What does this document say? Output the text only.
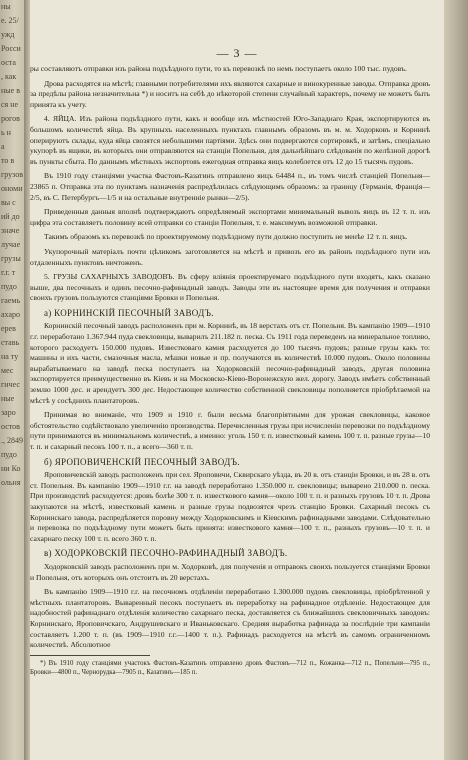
ны
е. 25/
ужд
Росси
оста
, как
ные в
ся не
рогов
ь н
а
то в
грузов
ономи
вы с
ий до
значе
лучае
грузы
г.г. т
пудо
гаемь
ахаро
ерев
ставь
на ту
мес
гичес
ные
заро
остов
., 2849
пудо
ни Ко
ольня
— 3 —

ры составляютъ отправки изъ района подъѣздного пути, то къ перевозкѣ по немъ поступаетъ около 100 тыс. пудовъ.

Дрова расходятся на мѣстѣ; главными потребителями ихъ являются сахарные и винокуренные заводы. Отправка дровъ за предѣлы района незначительна *) и носитъ на себѣ до нѣкоторой степени случайный характеръ, почему не можетъ быть принята къ учету.

4. ЯЙЦА. Изъ района подъѣздного пути, какъ и вообще изъ мѣстностей Юго-Западнаго Края, экспортируются въ большомъ количествѣ яйца. Въ крупныхъ населенныхъ пунктахъ главнымъ образомъ въ м. м. Ходорковъ и Корнинѣ оперируютъ склады, куда яйца свозятся небольшими партіями. Здѣсь они подвергаются сортировкѣ, и затѣмъ, спеціально укупорѣ въ ящики, въ которыхъ они отправляются на станціи Попельня, для дальнѣйшаго слѣдованія по желѣзной дорогѣ въ пункты сбыта. По даннымъ мѣстныхъ экспортовъ ежегодная отправка яицъ колеблется отъ 12 до 15 тысячъ пудовъ.

Въ 1910 году станціями участка Фастовъ-Казатинъ отправлено яицъ 64484 п., въ томъ числѣ станціей Попельня—23865 п. Отправка эта по пунктамъ назначенія распредѣлилась слѣдующимъ образомъ: за границу (Германія, Франція—2/5, въ С. Петербургъ—1/5 и на остальные внутренніе рынки—2/5).

Приведенныя данныя вполнѣ подтверждаютъ опредѣляемый экспортами минимальный вывозъ яицъ въ 12 т. п. изъ цифра эта составляетъ половину всей отправки со станціи Попельня, т. е. максимумъ возможной отправки.

Такимъ образомъ къ перевозкѣ по проектируемому подъѣздному пути должно поступить не менѣе 12 т. п. яицъ.

Укупорочный матеріалъ почти цѣликомъ заготовляется на мѣстѣ и привозъ его въ районъ подъѣздного пути изъ отдаленныхъ пунктовъ ничтоженъ.

5. ГРУЗЫ САХАРНЫХЪ ЗАВОДОВЪ. Въ сферу вліянія проектируемаго подъѣздного пути входятъ, какъ сказано выше, два песочныхъ и одинъ песочно-рафинадный заводъ. Заводы эти въ настоящее время для получения и отправки своихъ грузовъ пользуются станціями Бровки и Попельня.

а) КОРНИНСКІЙ ПЕСОЧНЫЙ ЗАВОДЪ.

Корнинскій песочный заводъ расположенъ при м. Корнинѣ, въ 18 верстахъ отъ ст. Попельня. Въ кампанію 1909—1910 г.г. переработано 1.367.944 пуда свекловицы, выварилъ 211.182 п. песка. Съ 1911 года переведенъ на минеральное топливо, которого расходуетъ 150.000 пудовъ. Известковаго камня расходуется до 100 тысячъ пудовъ; разные грузы какъ то: машины и ихъ части, смазочныя масла, мѣшки новые и пр. получаются въ количествѣ 10.000 пудовъ. Около половины вырабатываемаго на заводѣ песка поступаетъ на Ходорковскій песочно-рафинадный заводъ, другая половина экспортируется преимущественно въ Кіевъ и на Московско-Кіево-Воронежскую жел. дорогу. Заводъ имѣетъ собственный землю 1000 дес. и арендуетъ 300 дес. Недостающее количество собственной свекловицы пополняется пріобрѣтаемой на мѣстѣ у сосѣднихъ плантаторовъ.

Принимая во вниманіе, что 1909 и 1910 г. были весьма благопріятными для урожая свекловицы, каковое обстоятельство содѣйствовало увеличенію производства. Перечисленныя грузы при исчисленіи перевозки по подъѣздному пути принимаются въ минимальномъ количествѣ, а именно: уголь 150 т. п. известковый камень 100 т. п. разные грузы—10 т. п. и сахарный песокъ 100 т. п., а всего—360 т. п.

б) ЯРОПОВИЧЕНСКІЙ ПЕСОЧНЫЙ ЗАВОДЪ.

Яроповичевскій заводъ расположенъ при сел. Яроповичи, Сквирскаго уѣзда, въ 20 в. отъ станціи Бровки, и въ 28 в. отъ ст. Попельня. Въ кампанію 1909—1910 г.г. на заводѣ переработано 1.350.000 п. свекловицы; выварено 210.000 п. песка. При производствѣ расходуется: дровъ болѣе 300 т. п. известкового камня—около 100 т. п. и разныхъ грузовъ 10 т. п. Дрова закупаются на мѣстѣ, известковый камень и разные грузы подвозятся чрезъ станцію Бровки. Сахарный песокъ съ Корнинскаго завода, распредѣляется поровну между Ходорковскимъ и Кіевскимъ рафинадными заводами. Слѣдовательно и перевозка по подъѣздному пути можетъ быть принята: известкового камня—100 т. п., разныхъ грузовъ—10 т. п. и сахарнаго песку 100 т. п. всего 360 т. п.

в) ХОДОРКОВСКІЙ ПЕСОЧНО-РАФИНАДНЫЙ ЗАВОДЪ.

Ходорковскій заводъ расположенъ при м. Ходорковѣ, для полученія и отправокъ своихъ пользуется станціями Бровки и Попельня, отъ которыхъ онъ отстоитъ въ 20 верстахъ.

Въ кампанію 1909—1910 г.г. на песочномъ отдѣленіи переработано 1.300.000 пудовъ свекловицы, пріобрѣтенной у мѣстныхъ плантаторовъ. Вываренный песокъ поступаетъ въ переработку на рафинадное отдѣленіе. Недостающее для надобностей рафинаднаго отдѣленія количество сахарнаго песка, доставляется съ ближайшихъ свекловичныхъ заводовъ: Корнинскаго, Яроповичскаго, Андрушевскаго и Иваньковскаго. Средняя выработка рафинада за послѣдніе три кампаніи составляетъ 1.200 т. п. (въ 1909—1910 г.г.—1400 т. п.). Рафинадъ расходуется на мѣстѣ въ самомъ ограниченномъ количествѣ. Абсолютное

*) Въ 1910 году станціями участокъ Фастовъ-Казатинъ отправлено дровъ Фастовъ—712 п., Кожанка—712 п., Попельня—795 п., Бровки—4800 п., Чернорудка—7905 п., Казатинъ—185 п.
